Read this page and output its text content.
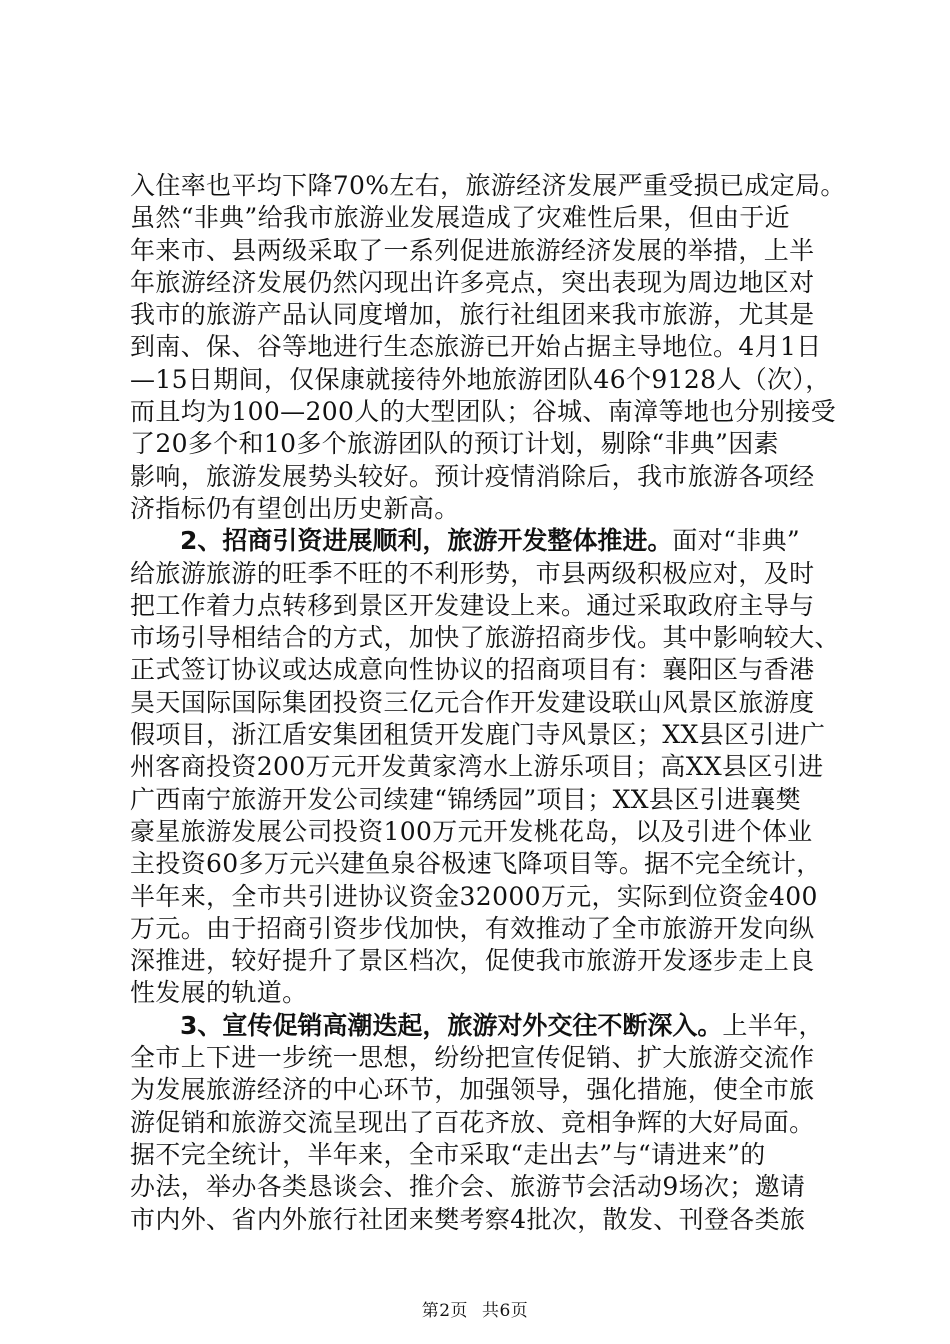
入住率也平均下降70%左右，旅游经济发展严重受损已成定局。
虽然“非典”给我市旅游业发展造成了灾难性后果，但由于近
年来市、县两级采取了一系列促进旅游经济发展的举措，上半
年旅游经济发展仍然闪现出许多亮点，突出表现为周边地区对
我市的旅游产品认同度增加，旅行社组团来我市旅游，尤其是
到南、保、谷等地进行生态旅游已开始占据主导地位。4月1日
—15日期间，仅保康就接待外地旅游团队46个9128人（次），
而且均为100—200人的大型团队；谷城、南漳等地也分别接受
了20多个和10多个旅游团队的预订计划，剔除“非典”因素
影响，旅游发展势头较好。预计疫情消除后，我市旅游各项经
济指标仍有望创出历史新高。
2、招商引资进展顺利，旅游开发整体推进。面对“非典”
给旅游旅游的旺季不旺的不利形势，市县两级积极应对，及时
把工作着力点转移到景区开发建设上来。通过采取政府主导与
市场引导相结合的方式，加快了旅游招商步伐。其中影响较大、
正式签订协议或达成意向性协议的招商项目有：襄阳区与香港
昊天国际国际集团投资三亿元合作开发建设联山风景区旅游度
假项目，浙江盾安集团租赁开发鹿门寺风景区；XX县区引进广
州客商投资200万元开发黄家湾水上游乐项目；高XX县区引进
广西南宁旅游开发公司续建“锦绣园”项目；XX县区引进襄樊
豪星旅游发展公司投资100万元开发桃花岛，以及引进个体业
主投资60多万元兴建鱼泉谷极速飞降项目等。据不完全统计，
半年来，全市共引进协议资金32000万元，实际到位资金400
万元。由于招商引资步伐加快，有效推动了全市旅游开发向纵
深推进，较好提升了景区档次，促使我市旅游开发逐步走上良
性发展的轨道。
3、宣传促销高潮迭起，旅游对外交往不断深入。上半年，
全市上下进一步统一思想，纷纷把宣传促销、扩大旅游交流作
为发展旅游经济的中心环节，加强领导，强化措施，使全市旅
游促销和旅游交流呈现出了百花齐放、竞相争辉的大好局面。
据不完全统计，半年来，全市采取“走出去”与“请进来”的
办法，举办各类恳谈会、推介会、旅游节会活动9场次；邀请
市内外、省内外旅行社团来樊考察4批次，散发、刊登各类旅
第2页 共6页
